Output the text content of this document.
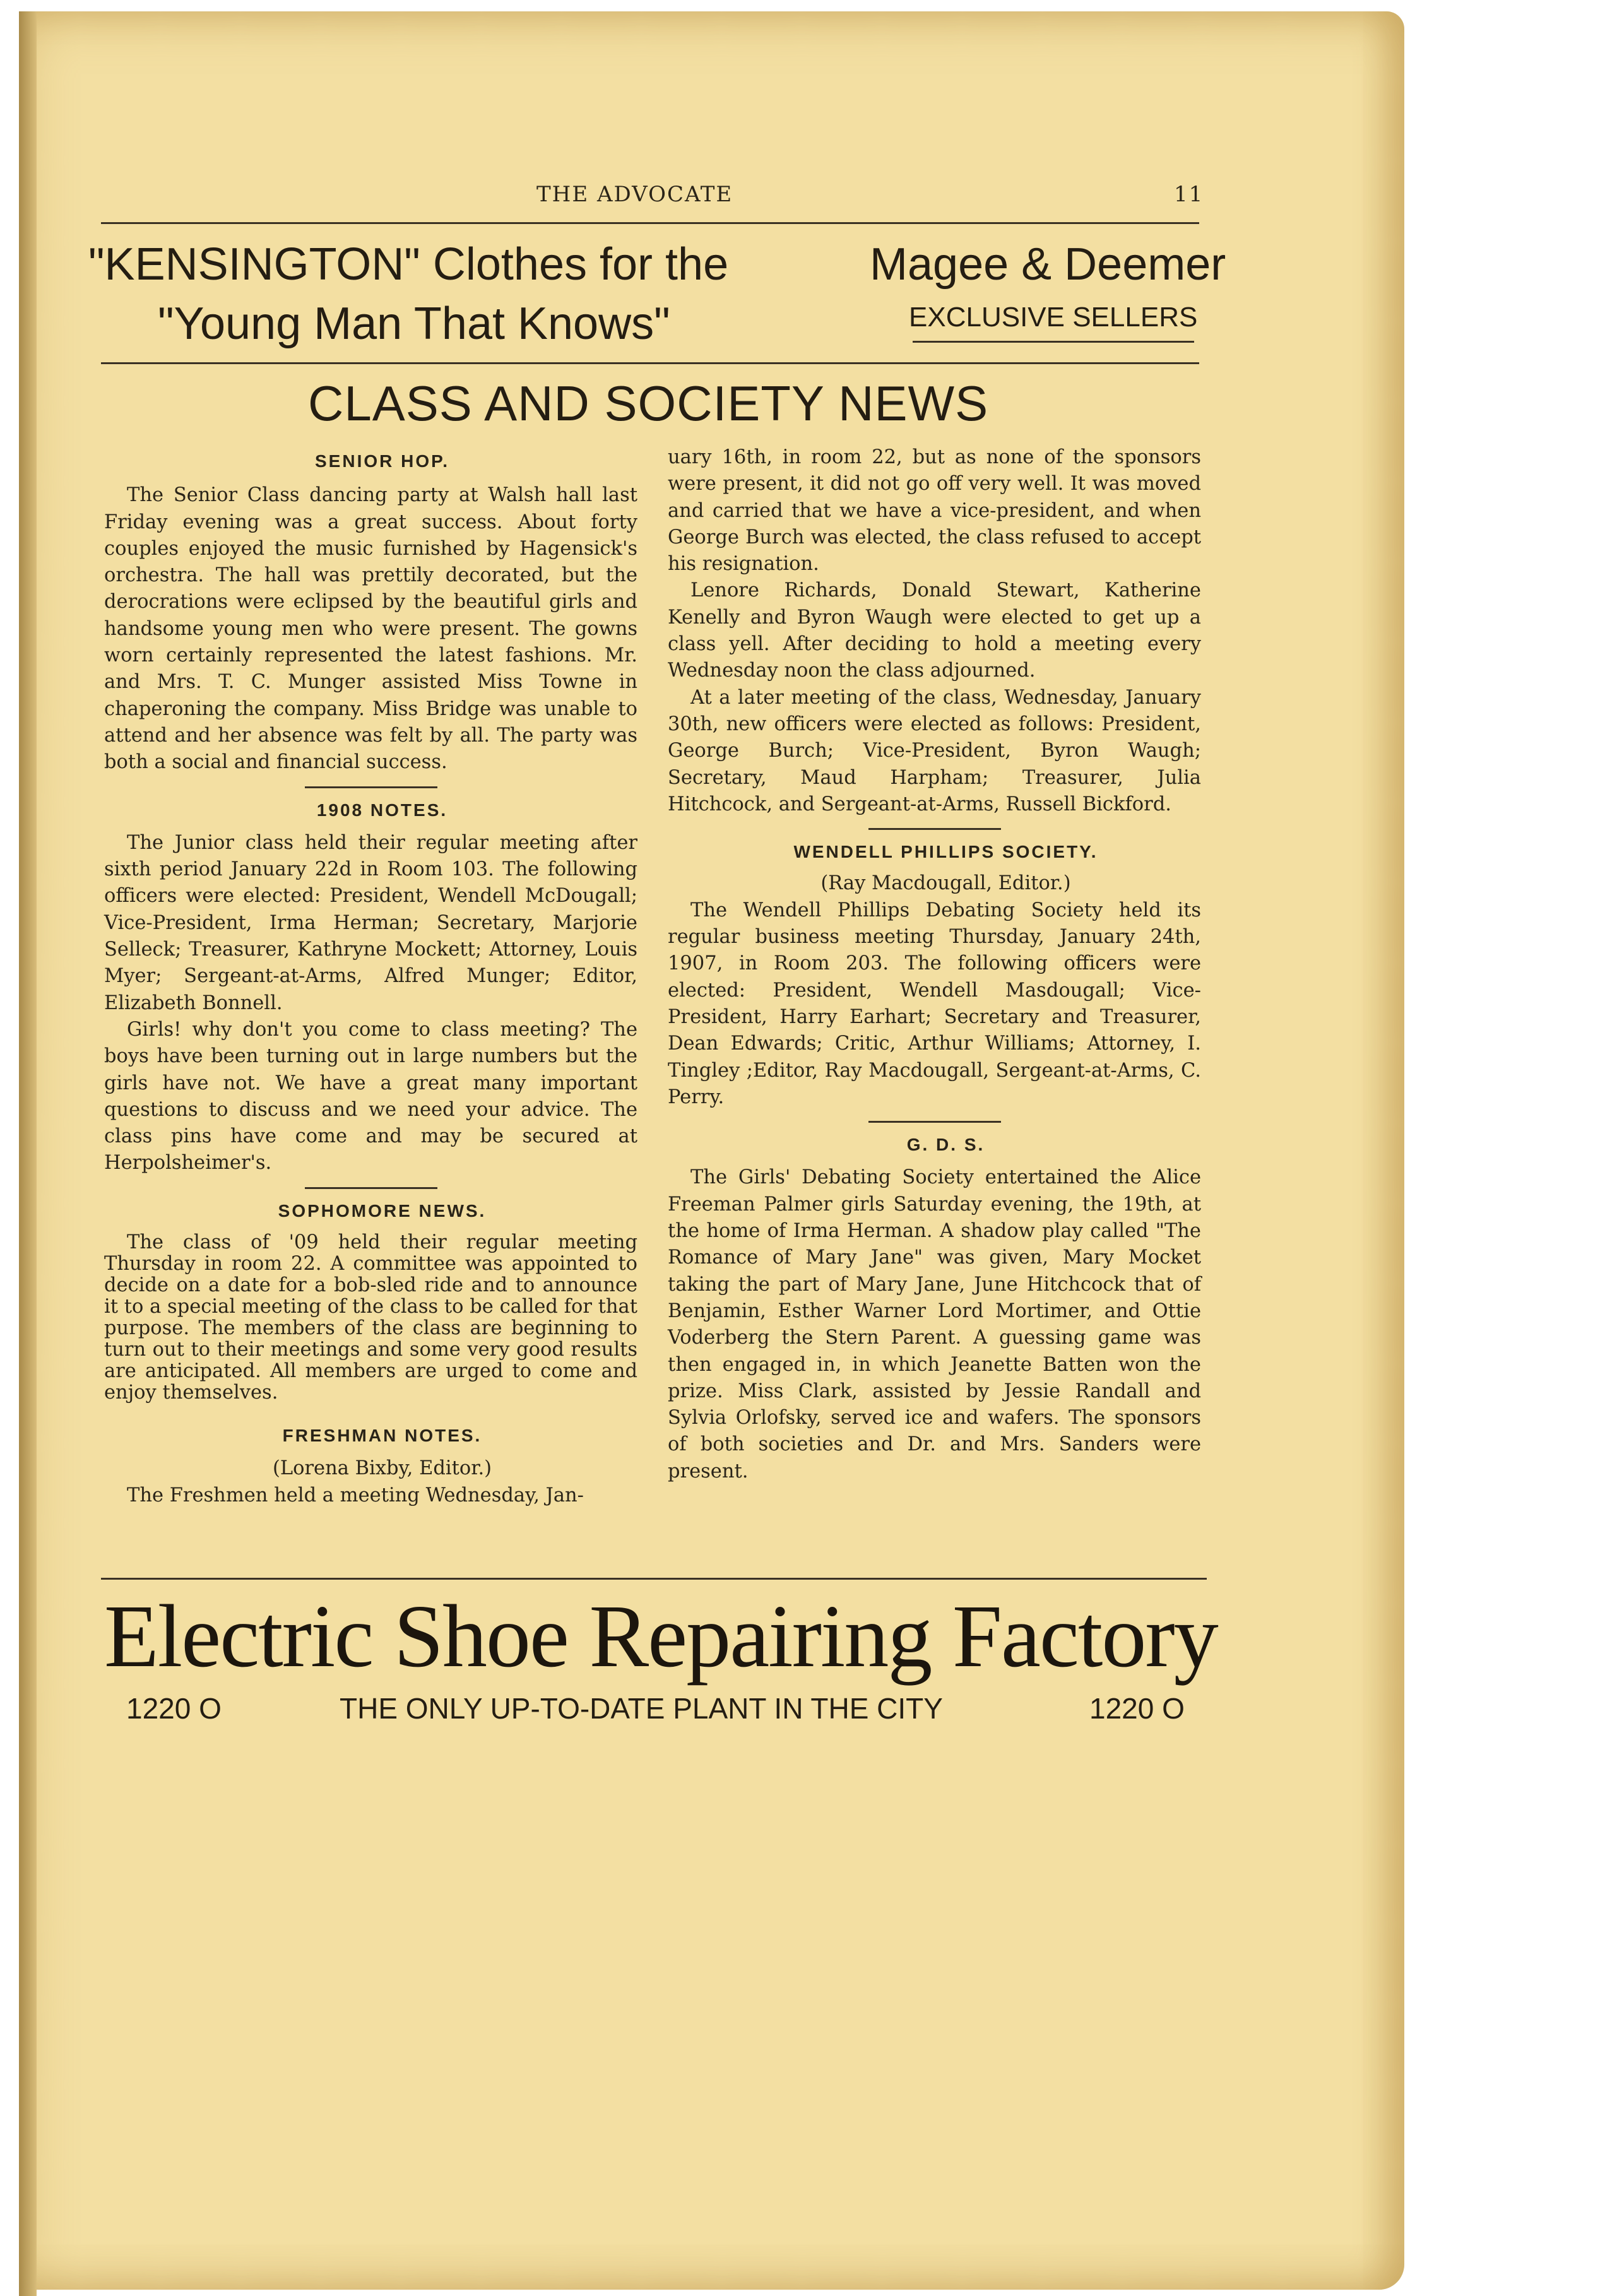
THE ADVOCATE	11
"KENSINGTON" Clothes for the
"Young Man That Knows"
Magee & Deemer
EXCLUSIVE SELLERS
CLASS AND SOCIETY NEWS

SENIOR HOP.

The Senior Class dancing party at Walsh hall last Friday evening was a great success. About forty couples enjoyed the music furnished by Hagensick's orchestra. The hall was prettily decorated, but the derocrations were eclipsed by the beautiful girls and handsome young men who were present. The gowns worn certainly represented the latest fashions. Mr. and Mrs. T. C. Munger assisted Miss Towne in chaperoning the company. Miss Bridge was unable to attend and her absence was felt by all. The party was both a social and financial success.

1908 NOTES.

The Junior class held their regular meeting after sixth period January 22d in Room 103. The following officers were elected: President, Wendell McDougall; Vice-President, Irma Herman; Secretary, Marjorie Selleck; Treasurer, Kathryne Mockett; Attorney, Louis Myer; Sergeant-at-Arms, Alfred Munger; Editor, Elizabeth Bonnell.

Girls! why don't you come to class meeting? The boys have been turning out in large numbers but the girls have not. We have a great many important questions to discuss and we need your advice. The class pins have come and may be secured at Herpolsheimer's.

SOPHOMORE NEWS.

The class of '09 held their regular meeting Thursday in room 22. A committee was appointed to decide on a date for a bob-sled ride and to announce it to a special meeting of the class to be called for that purpose. The members of the class are beginning to turn out to their meetings and some very good results are anticipated. All members are urged to come and enjoy themselves.

FRESHMAN NOTES.

(Lorena Bixby, Editor.)

The Freshmen held a meeting Wednesday, Jan-

uary 16th, in room 22, but as none of the sponsors were present, it did not go off very well. It was moved and carried that we have a vice-president, and when George Burch was elected, the class refused to accept his resignation.

Lenore Richards, Donald Stewart, Katherine Kenelly and Byron Waugh were elected to get up a class yell. After deciding to hold a meeting every Wednesday noon the class adjourned.

At a later meeting of the class, Wednesday, January 30th, new officers were elected as follows: President, George Burch; Vice-President, Byron Waugh; Secretary, Maud Harpham; Treasurer, Julia Hitchcock, and Sergeant-at-Arms, Russell Bickford.

WENDELL PHILLIPS SOCIETY.

(Ray Macdougall, Editor.)

The Wendell Phillips Debating Society held its regular business meeting Thursday, January 24th, 1907, in Room 203. The following officers were elected: President, Wendell Masdougall; Vice-President, Harry Earhart; Secretary and Treasurer, Dean Edwards; Critic, Arthur Williams; Attorney, I. Tingley ;Editor, Ray Macdougall, Sergeant-at-Arms, C. Perry.

G. D. S.

The Girls' Debating Society entertained the Alice Freeman Palmer girls Saturday evening, the 19th, at the home of Irma Herman. A shadow play called "The Romance of Mary Jane" was given, Mary Mocket taking the part of Mary Jane, June Hitchcock that of Benjamin, Esther Warner Lord Mortimer, and Ottie Voderberg the Stern Parent. A guessing game was then engaged in, in which Jeanette Batten won the prize. Miss Clark, assisted by Jessie Randall and Sylvia Orlofsky, served ice and wafers. The sponsors of both societies and Dr. and Mrs. Sanders were present.

Electric Shoe Repairing Factory
1220 O	THE ONLY UP-TO-DATE PLANT IN THE CITY	1220 O
